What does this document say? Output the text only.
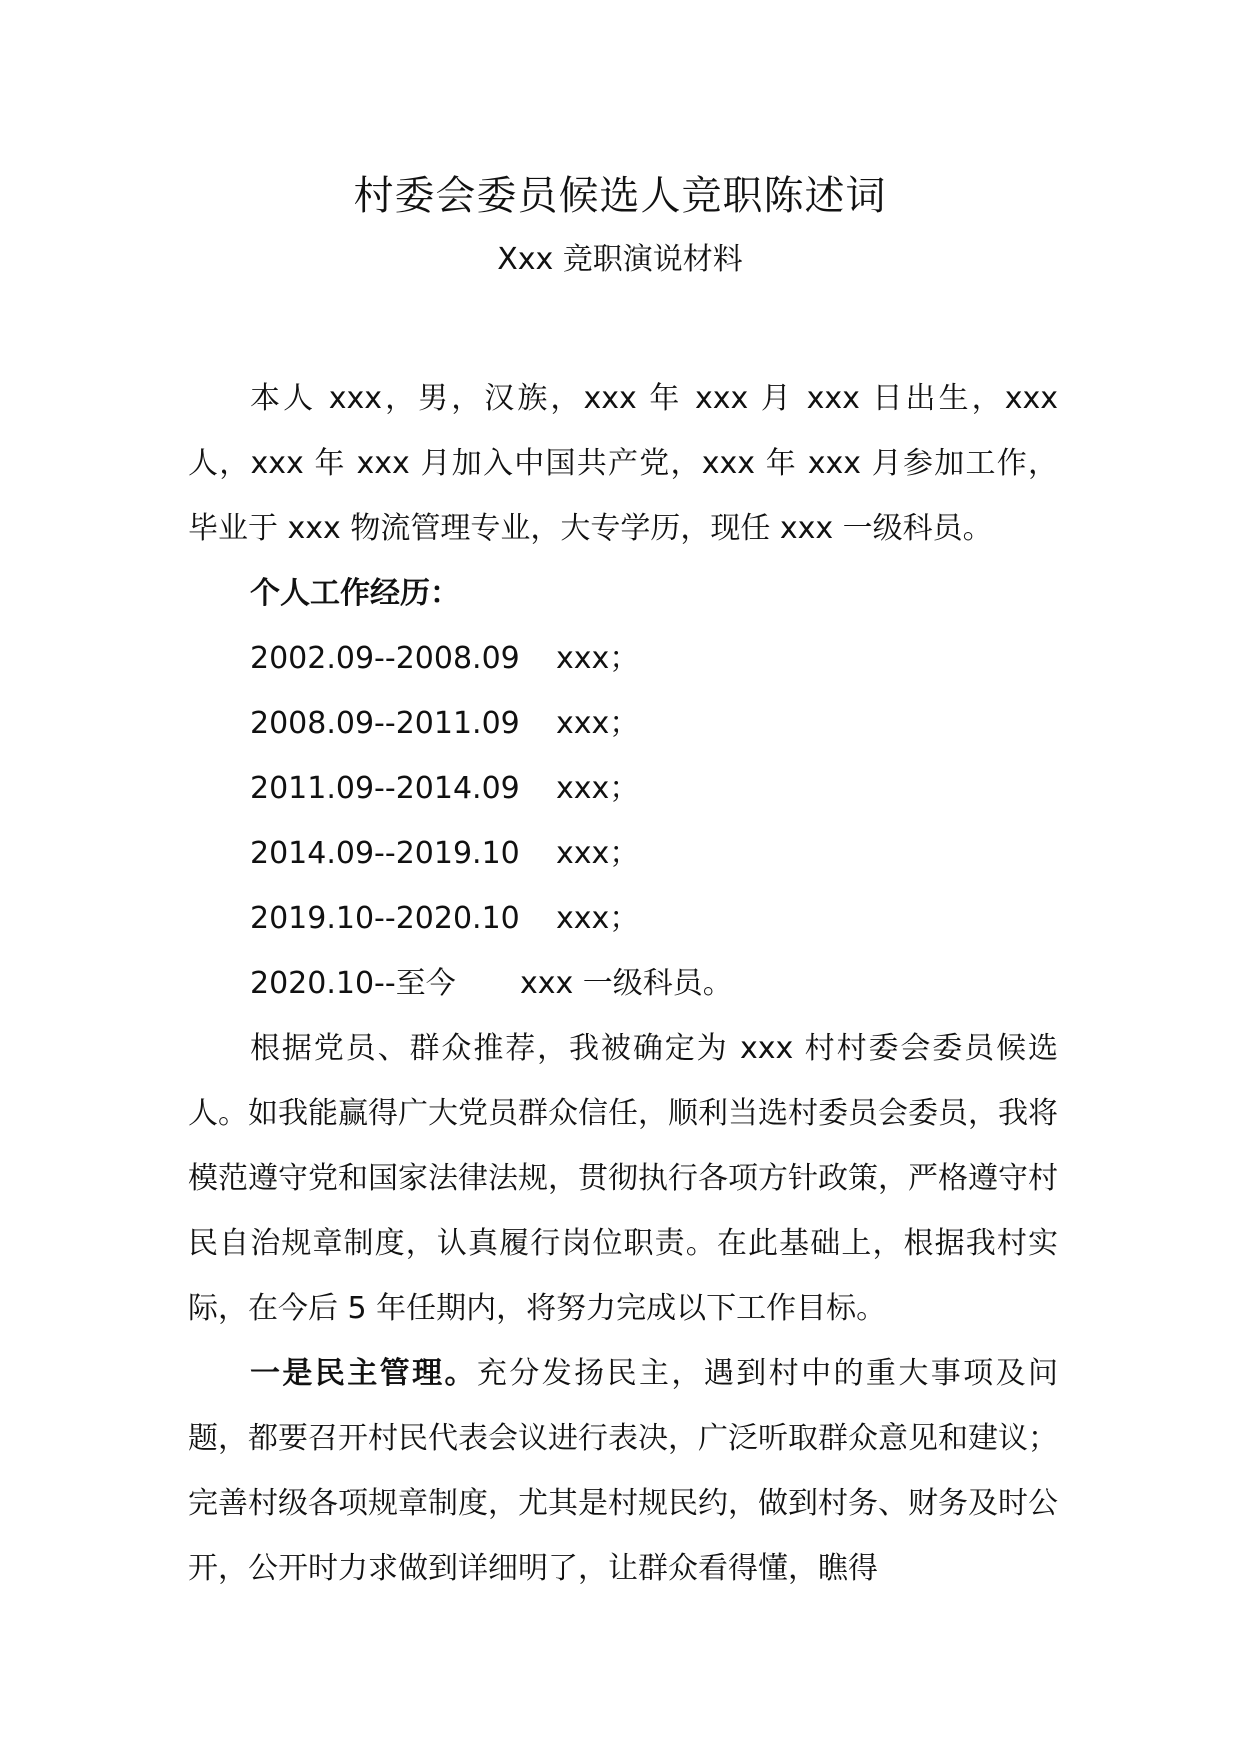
村委会委员候选人竞职陈述词
Xxx 竞职演说材料

本人 xxx，男，汉族，xxx 年 xxx 月 xxx 日出生，xxx 人，xxx 年 xxx 月加入中国共产党，xxx 年 xxx 月参加工作，毕业于 xxx 物流管理专业，大专学历，现任 xxx 一级科员。

个人工作经历：

2002.09--2008.09	xxx；
2008.09--2011.09	xxx；
2011.09--2014.09	xxx；
2014.09--2019.10	xxx；
2019.10--2020.10	xxx；
2020.10--至今	xxx 一级科员。

根据党员、群众推荐，我被确定为 xxx 村村委会委员候选人。如我能赢得广大党员群众信任，顺利当选村委员会委员，我将模范遵守党和国家法律法规，贯彻执行各项方针政策，严格遵守村民自治规章制度，认真履行岗位职责。在此基础上，根据我村实际，在今后 5 年任期内，将努力完成以下工作目标。

一是民主管理。充分发扬民主，遇到村中的重大事项及问题，都要召开村民代表会议进行表决，广泛听取群众意见和建议；完善村级各项规章制度，尤其是村规民约，做到村务、财务及时公开，公开时力求做到详细明了，让群众看得懂，瞧得
